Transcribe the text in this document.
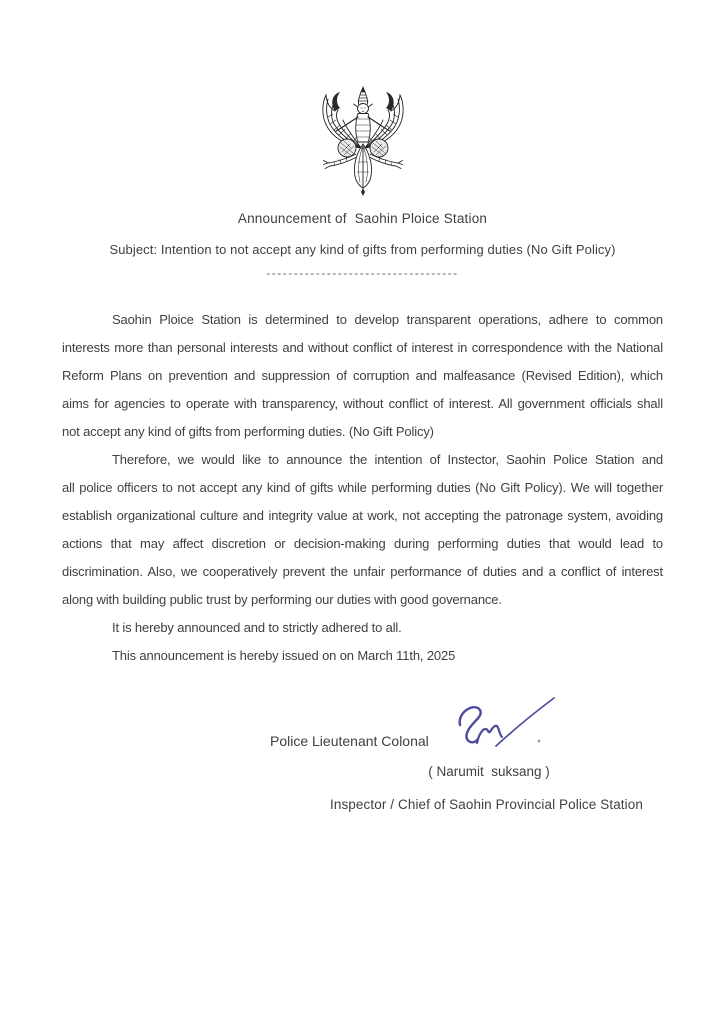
Announcement of  Saohin Ploice Station
Subject: Intention to not accept any kind of gifts from performing duties (No Gift Policy)
-----------------------------------
Saohin Ploice Station is determined to develop transparent operations, adhere to common
interests more than personal interests and without conflict of interest in correspondence with the National
Reform Plans on prevention and suppression of corruption and malfeasance (Revised Edition), which
aims for agencies to operate with transparency, without conflict of interest. All government officials shall
not accept any kind of gifts from performing duties. (No Gift Policy)
Therefore, we would like to announce the intention of Instector, Saohin Police Station and
all police officers to not accept any kind of gifts while performing duties (No Gift Policy). We will together
establish organizational culture and integrity value at work, not accepting the patronage system, avoiding
actions that may affect discretion or decision-making during performing duties that would lead to
discrimination. Also, we cooperatively prevent the unfair performance of duties and a conflict of interest
along with building public trust by performing our duties with good governance.
It is hereby announced and to strictly adhered to all.
This announcement is hereby issued on on March 11th, 2025
Police Lieutenant Colonal
( Narumit  suksang )
Inspector / Chief of Saohin Provincial Police Station
